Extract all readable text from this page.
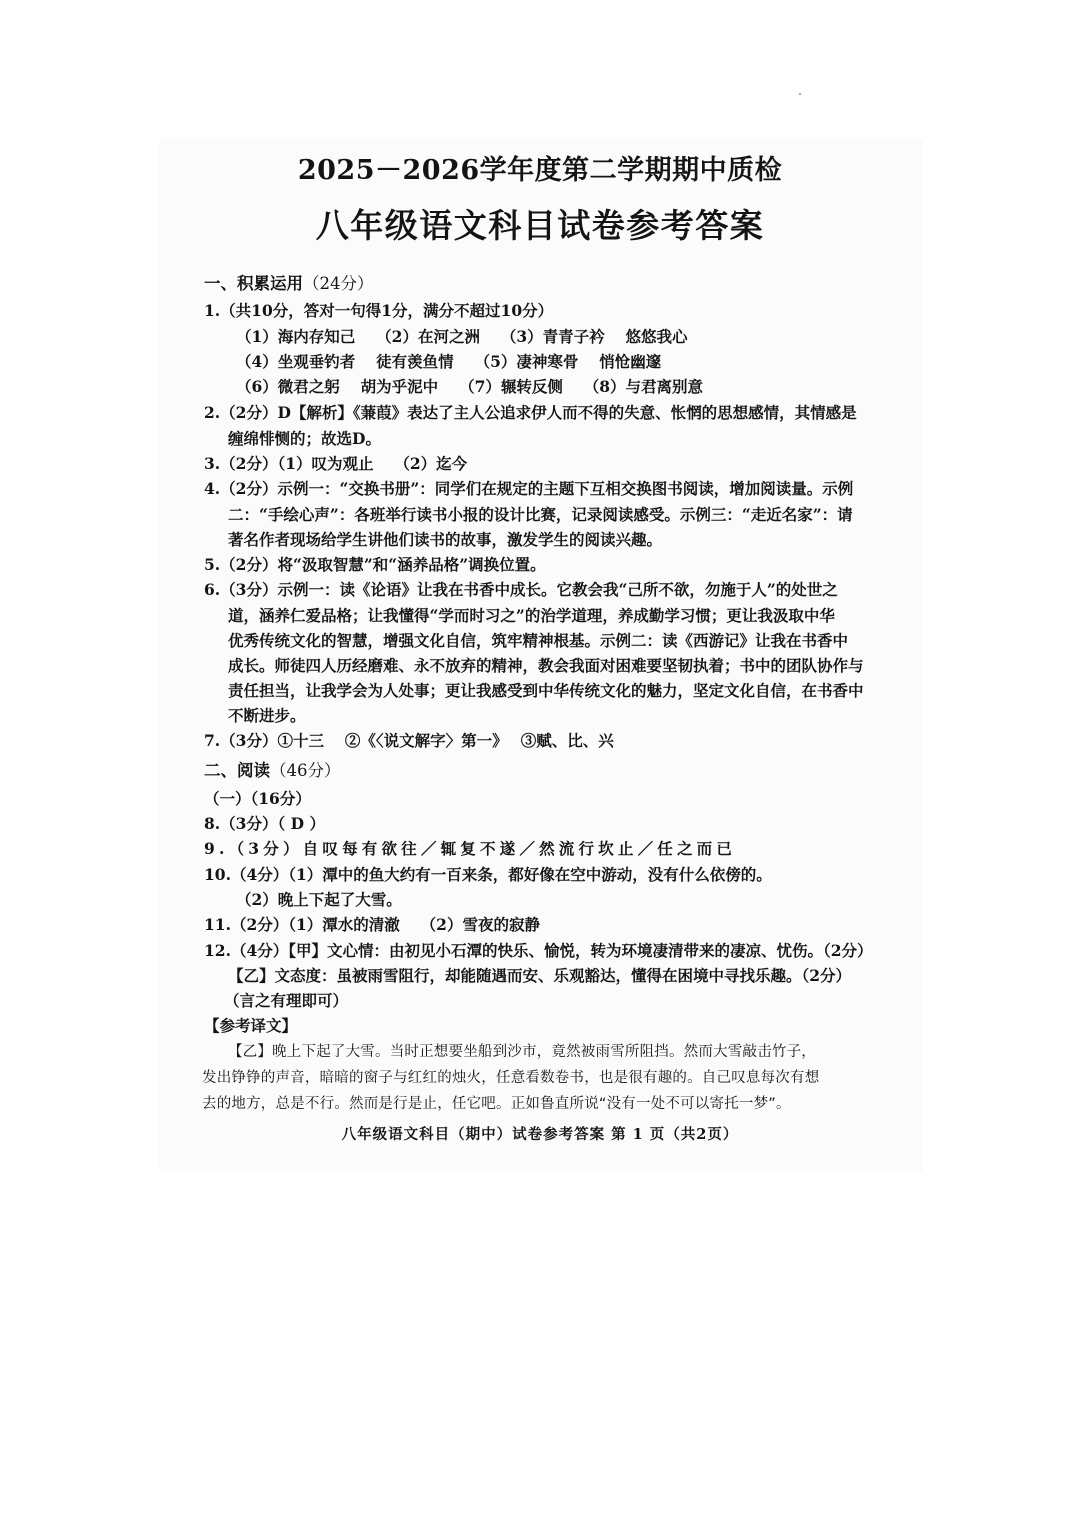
2025－2026学年度第二学期期中质检
八年级语文科目试卷参考答案
一、积累运用（24分）
1.（共10分，答对一句得1分，满分不超过10分）
（1）海内存知己　 （2）在河之洲　 （3）青青子衿　 悠悠我心
（4）坐观垂钓者　 徒有羡鱼情　 （5）凄神寒骨　 悄怆幽邃
（6）微君之躬　 胡为乎泥中　 （7）辗转反侧　 （8）与君离别意
2.（2分）D【解析】《蒹葭》表达了主人公追求伊人而不得的失意、怅惘的思想感情，其情感是
缠绵悱恻的；故选D。
3.（2分）（1）叹为观止　 （2）迄今
4.（2分）示例一：“交换书册”：同学们在规定的主题下互相交换图书阅读，增加阅读量。示例
二：“手绘心声”：各班举行读书小报的设计比赛，记录阅读感受。示例三：“走近名家”：请
著名作者现场给学生讲他们读书的故事，激发学生的阅读兴趣。
5.（2分）将“汲取智慧”和“涵养品格”调换位置。
6.（3分）示例一：读《论语》让我在书香中成长。它教会我“己所不欲，勿施于人”的处世之
道，涵养仁爱品格；让我懂得“学而时习之”的治学道理，养成勤学习惯；更让我汲取中华
优秀传统文化的智慧，增强文化自信，筑牢精神根基。示例二：读《西游记》让我在书香中
成长。师徒四人历经磨难、永不放弃的精神，教会我面对困难要坚韧执着；书中的团队协作与
责任担当，让我学会为人处事；更让我感受到中华传统文化的魅力，坚定文化自信，在书香中
不断进步。
7.（3分）①十三　 ②《〈说文解字〉第一》　 ③赋、比、兴
二、阅读（46分）
（一）（16分）
8.（3分）（ D ）
9.（3分）自叹每有欲往／辄复不遂／然流行坎止／任之而已
10.（4分）（1）潭中的鱼大约有一百来条，都好像在空中游动，没有什么依傍的。
（2）晚上下起了大雪。
11.（2分）（1）潭水的清澈　 （2）雪夜的寂静
12.（4分）【甲】文心情：由初见小石潭的快乐、愉悦，转为环境凄清带来的凄凉、忧伤。（2分）
【乙】文态度：虽被雨雪阻行，却能随遇而安、乐观豁达，懂得在困境中寻找乐趣。（2分）
（言之有理即可）
【参考译文】
【乙】晚上下起了大雪。当时正想要坐船到沙市，竟然被雨雪所阻挡。然而大雪敲击竹子，
发出铮铮的声音，暗暗的窗子与红红的烛火，任意看数卷书，也是很有趣的。自己叹息每次有想
去的地方，总是不行。然而是行是止，任它吧。正如鲁直所说“没有一处不可以寄托一梦”。
八年级语文科目（期中）试卷参考答案 第 1 页（共2页）
